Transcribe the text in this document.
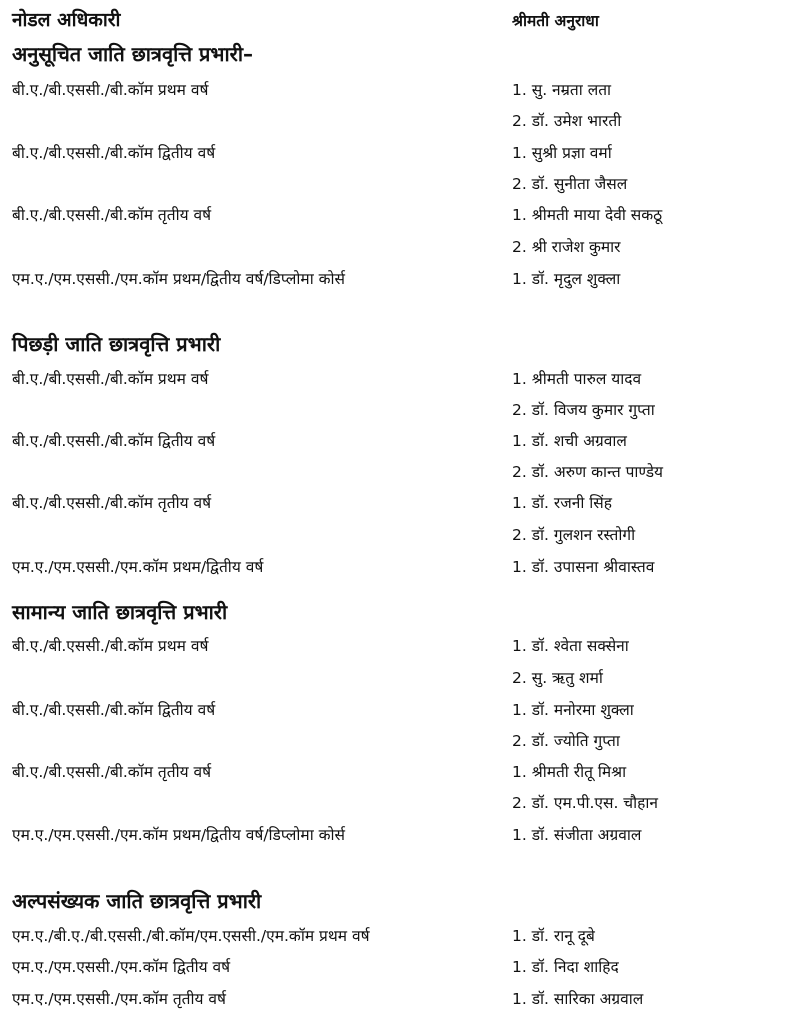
नोडल अधिकारी	श्रीमती अनुराधा
अनुसूचित जाति छात्रवृत्ति प्रभारी–
बी.ए./बी.एससी./बी.कॉम प्रथम वर्ष	1. सु. नम्रता लता
2. डॉ. उमेश भारती
बी.ए./बी.एससी./बी.कॉम द्वितीय वर्ष	1. सुश्री प्रज्ञा वर्मा
2. डॉ. सुनीता जैसल
बी.ए./बी.एससी./बी.कॉम तृतीय वर्ष	1. श्रीमती माया देवी सकठू
2. श्री राजेश कुमार
एम.ए./एम.एससी./एम.कॉम प्रथम/द्वितीय वर्ष/डिप्लोमा कोर्स	1. डॉ. मृदुल शुक्ला
पिछड़ी जाति छात्रवृत्ति प्रभारी
बी.ए./बी.एससी./बी.कॉम प्रथम वर्ष	1. श्रीमती पारुल यादव
2. डॉ. विजय कुमार गुप्ता
बी.ए./बी.एससी./बी.कॉम द्वितीय वर्ष	1. डॉ. शची अग्रवाल
2. डॉ. अरुण कान्त पाण्डेय
बी.ए./बी.एससी./बी.कॉम तृतीय वर्ष	1. डॉ. रजनी सिंह
2. डॉ. गुलशन रस्तोगी
एम.ए./एम.एससी./एम.कॉम प्रथम/द्वितीय वर्ष	1. डॉ. उपासना श्रीवास्तव
सामान्य जाति छात्रवृत्ति प्रभारी
बी.ए./बी.एससी./बी.कॉम प्रथम वर्ष	1. डॉ. श्वेता सक्सेना
2. सु. ऋतु शर्मा
बी.ए./बी.एससी./बी.कॉम द्वितीय वर्ष	1. डॉ. मनोरमा शुक्ला
2. डॉ. ज्योति गुप्ता
बी.ए./बी.एससी./बी.कॉम तृतीय वर्ष	1. श्रीमती रीतू मिश्रा
2. डॉ. एम.पी.एस. चौहान
एम.ए./एम.एससी./एम.कॉम प्रथम/द्वितीय वर्ष/डिप्लोमा कोर्स	1. डॉ. संजीता अग्रवाल
अल्पसंख्यक जाति छात्रवृत्ति प्रभारी
एम.ए./बी.ए./बी.एससी./बी.कॉम/एम.एससी./एम.कॉम प्रथम वर्ष	1. डॉ. रानू दूबे
एम.ए./एम.एससी./एम.कॉम द्वितीय वर्ष	1. डॉ. निदा शाहिद
एम.ए./एम.एससी./एम.कॉम तृतीय वर्ष	1. डॉ. सारिका अग्रवाल
